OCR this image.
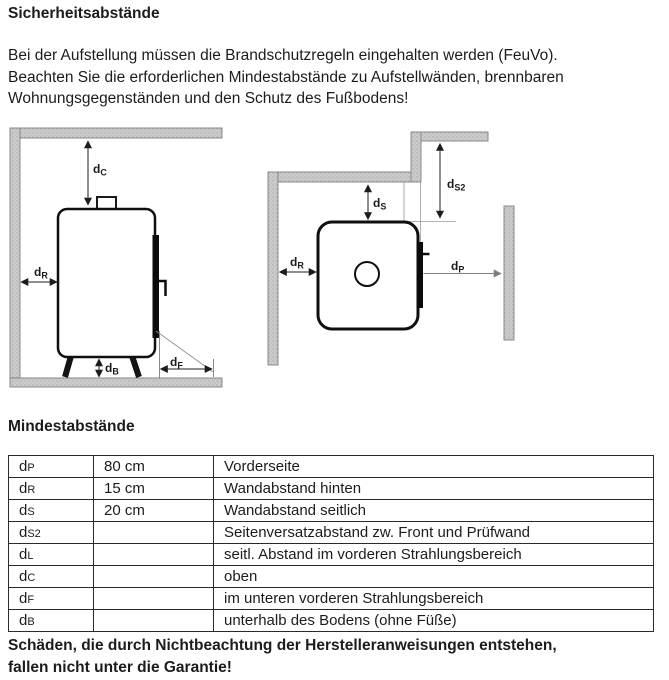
Sicherheitsabstände
Bei der Aufstellung müssen die Brandschutzregeln eingehalten werden (FeuVo).
Beachten Sie die erforderlichen Mindestabstände zu Aufstellwänden, brennbaren
Wohnungsgegenständen und den Schutz des Fußbodens!
$d_C$
$d_R$
$d_B$
$d_F$
$d_S$
$d_{S2}$
$d_R$	$d_P$
Mindestabstände
dP	80 cm	Vorderseite
dR	15 cm	Wandabstand hinten
dS	20 cm	Wandabstand seitlich
dS2		Seitenversatzabstand zw. Front und Prüfwand
dL		seitl. Abstand im vorderen Strahlungsbereich
dC		oben
dF		im unteren vorderen Strahlungsbereich
dB		unterhalb des Bodens (ohne Füße)
Schäden, die durch Nichtbeachtung der Herstelleranweisungen entstehen,
fallen nicht unter die Garantie!
